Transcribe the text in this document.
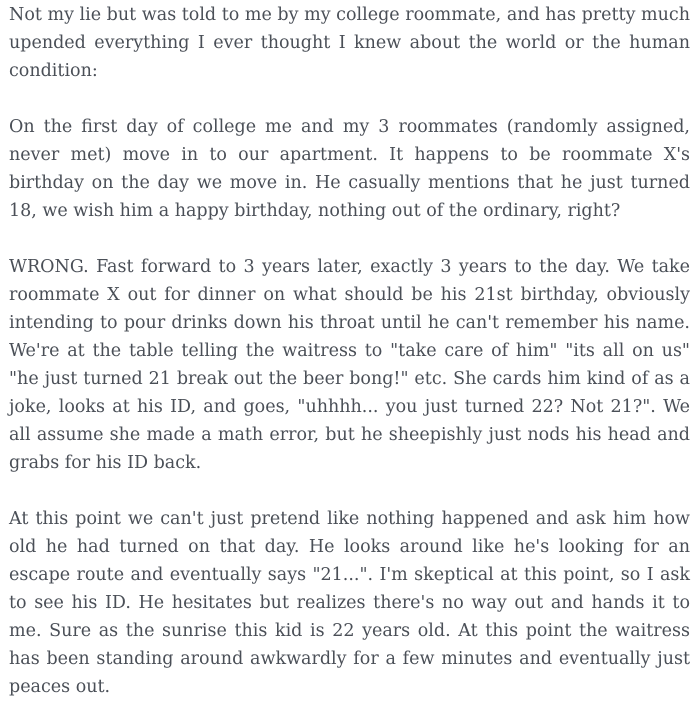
Not my lie but was told to me by my college roommate, and has pretty much upended everything I ever thought I knew about the world or the human condition:

On the first day of college me and my 3 roommates (randomly assigned, never met) move in to our apartment. It happens to be roommate X's birthday on the day we move in. He casually mentions that he just turned 18, we wish him a happy birthday, nothing out of the ordinary, right?

WRONG. Fast forward to 3 years later, exactly 3 years to the day. We take roommate X out for dinner on what should be his 21st birthday, obviously intending to pour drinks down his throat until he can't remember his name. We're at the table telling the waitress to "take care of him" "its all on us" "he just turned 21 break out the beer bong!" etc. She cards him kind of as a joke, looks at his ID, and goes, "uhhhh... you just turned 22? Not 21?". We all assume she made a math error, but he sheepishly just nods his head and grabs for his ID back.

At this point we can't just pretend like nothing happened and ask him how old he had turned on that day. He looks around like he's looking for an escape route and eventually says "21...". I'm skeptical at this point, so I ask to see his ID. He hesitates but realizes there's no way out and hands it to me. Sure as the sunrise this kid is 22 years old. At this point the waitress has been standing around awkwardly for a few minutes and eventually just peaces out.
